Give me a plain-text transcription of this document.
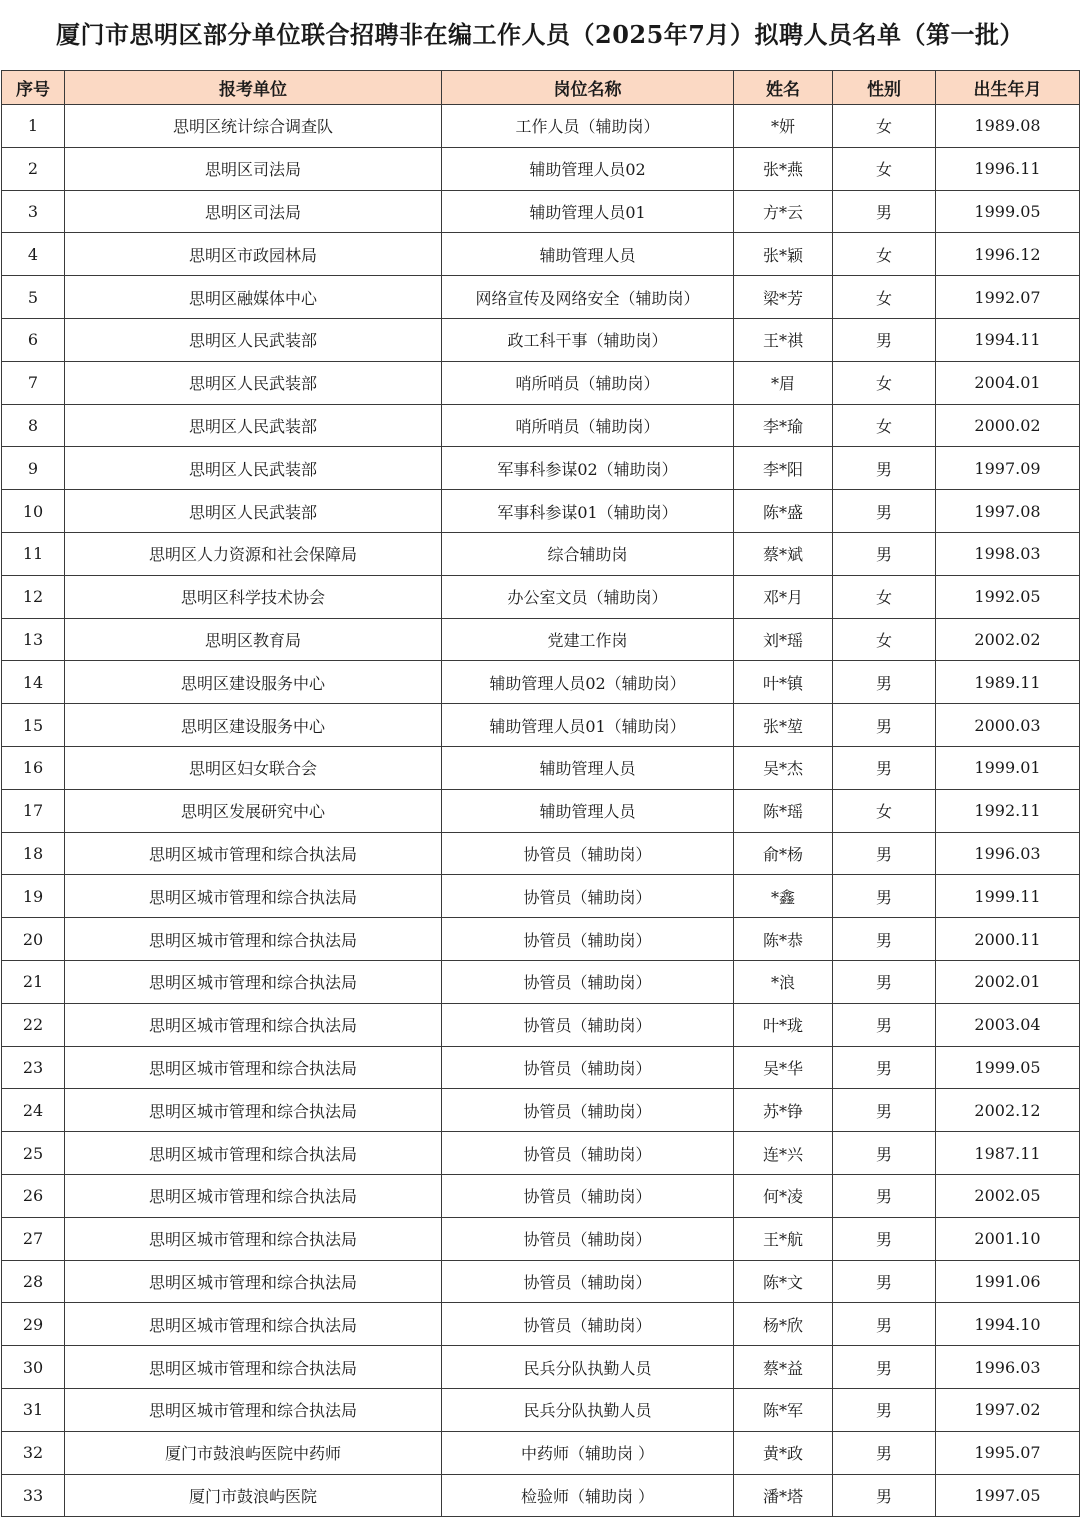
厦门市思明区部分单位联合招聘非在编工作人员（2025年7月）拟聘人员名单（第一批）
序号	报考单位	岗位名称	姓名	性别	出生年月
1	思明区统计综合调查队	工作人员（辅助岗）	*妍	女	1989.08
2	思明区司法局	辅助管理人员02	张*燕	女	1996.11
3	思明区司法局	辅助管理人员01	方*云	男	1999.05
4	思明区市政园林局	辅助管理人员	张*颖	女	1996.12
5	思明区融媒体中心	网络宣传及网络安全（辅助岗）	梁*芳	女	1992.07
6	思明区人民武装部	政工科干事（辅助岗）	王*祺	男	1994.11
7	思明区人民武装部	哨所哨员（辅助岗）	*眉	女	2004.01
8	思明区人民武装部	哨所哨员（辅助岗）	李*瑜	女	2000.02
9	思明区人民武装部	军事科参谋02（辅助岗）	李*阳	男	1997.09
10	思明区人民武装部	军事科参谋01（辅助岗）	陈*盛	男	1997.08
11	思明区人力资源和社会保障局	综合辅助岗	蔡*斌	男	1998.03
12	思明区科学技术协会	办公室文员（辅助岗）	邓*月	女	1992.05
13	思明区教育局	党建工作岗	刘*瑶	女	2002.02
14	思明区建设服务中心	辅助管理人员02（辅助岗）	叶*镇	男	1989.11
15	思明区建设服务中心	辅助管理人员01（辅助岗）	张*堃	男	2000.03
16	思明区妇女联合会	辅助管理人员	吴*杰	男	1999.01
17	思明区发展研究中心	辅助管理人员	陈*瑶	女	1992.11
18	思明区城市管理和综合执法局	协管员（辅助岗）	俞*杨	男	1996.03
19	思明区城市管理和综合执法局	协管员（辅助岗）	*鑫	男	1999.11
20	思明区城市管理和综合执法局	协管员（辅助岗）	陈*恭	男	2000.11
21	思明区城市管理和综合执法局	协管员（辅助岗）	*浪	男	2002.01
22	思明区城市管理和综合执法局	协管员（辅助岗）	叶*珑	男	2003.04
23	思明区城市管理和综合执法局	协管员（辅助岗）	吴*华	男	1999.05
24	思明区城市管理和综合执法局	协管员（辅助岗）	苏*铮	男	2002.12
25	思明区城市管理和综合执法局	协管员（辅助岗）	连*兴	男	1987.11
26	思明区城市管理和综合执法局	协管员（辅助岗）	何*凌	男	2002.05
27	思明区城市管理和综合执法局	协管员（辅助岗）	王*航	男	2001.10
28	思明区城市管理和综合执法局	协管员（辅助岗）	陈*文	男	1991.06
29	思明区城市管理和综合执法局	协管员（辅助岗）	杨*欣	男	1994.10
30	思明区城市管理和综合执法局	民兵分队执勤人员	蔡*益	男	1996.03
31	思明区城市管理和综合执法局	民兵分队执勤人员	陈*军	男	1997.02
32	厦门市鼓浪屿医院中药师	中药师（辅助岗 ）	黄*政	男	1995.07
33	厦门市鼓浪屿医院	检验师（辅助岗 ）	潘*塔	男	1997.05
